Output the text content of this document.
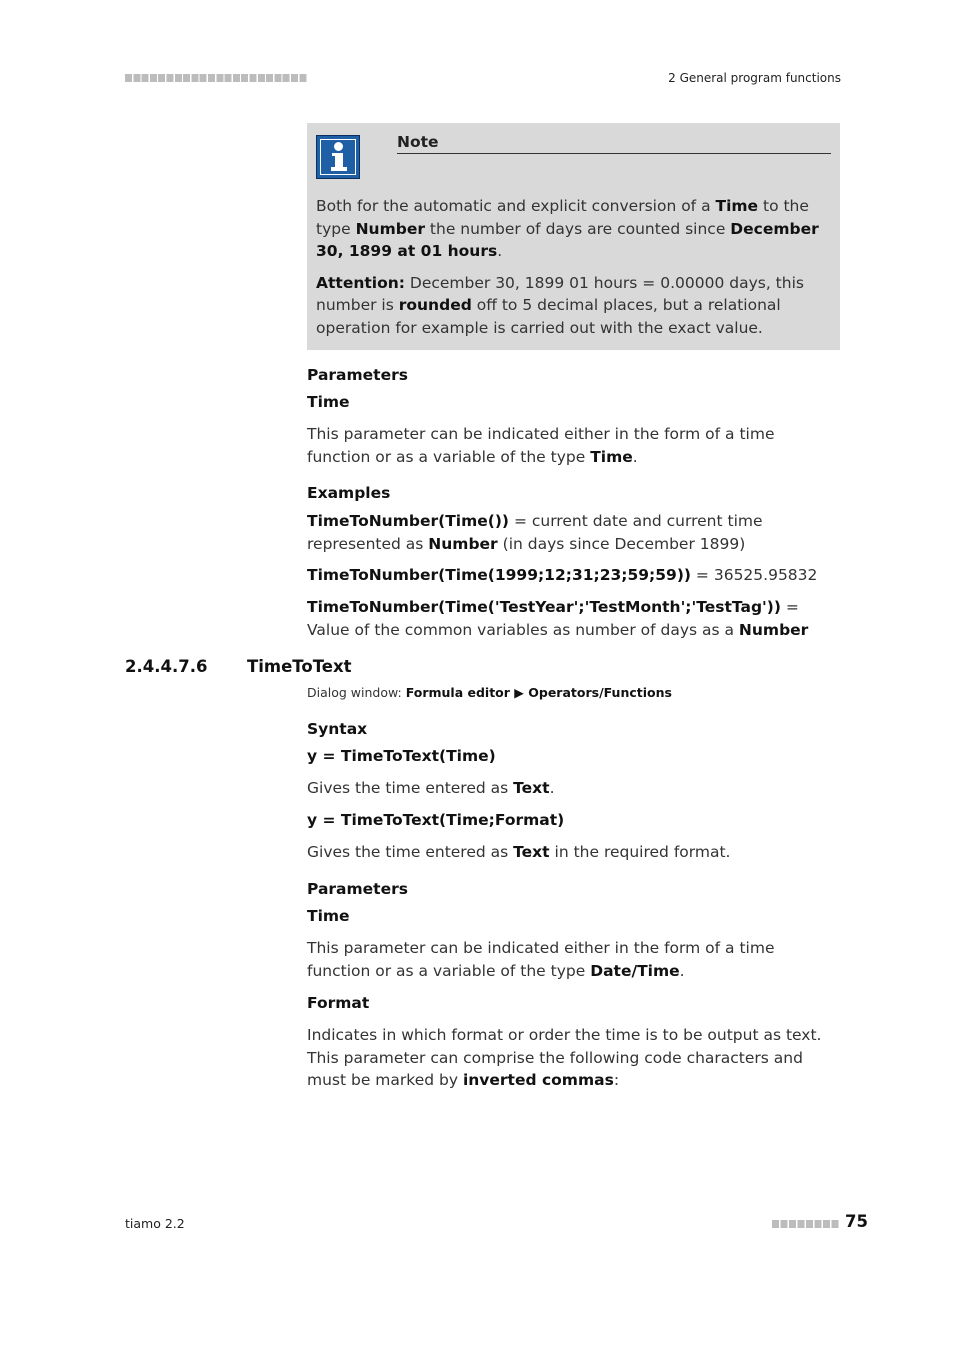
2 General program functions
Note

Both for the automatic and explicit conversion of a Time to the type Number the number of days are counted since December 30, 1899 at 01 hours.

Attention: December 30, 1899 01 hours = 0.00000 days, this number is rounded off to 5 decimal places, but a relational operation for example is carried out with the exact value.

Parameters
Time
This parameter can be indicated either in the form of a time function or as a variable of the type Time.
Examples
TimeToNumber(Time()) = current date and current time represented as Number (in days since December 1899)
TimeToNumber(Time(1999;12;31;23;59;59)) = 36525.95832
TimeToNumber(Time('TestYear';'TestMonth';'TestTag')) = Value of the common variables as number of days as a Number
2.4.4.7.6 TimeToText
Dialog window: Formula editor ▶ Operators/Functions
Syntax
y = TimeToText(Time)
Gives the time entered as Text.
y = TimeToText(Time;Format)
Gives the time entered as Text in the required format.
Parameters
Time
This parameter can be indicated either in the form of a time function or as a variable of the type Date/Time.
Format
Indicates in which format or order the time is to be output as text. This parameter can comprise the following code characters and must be marked by inverted commas:
tiamo 2.2	75
